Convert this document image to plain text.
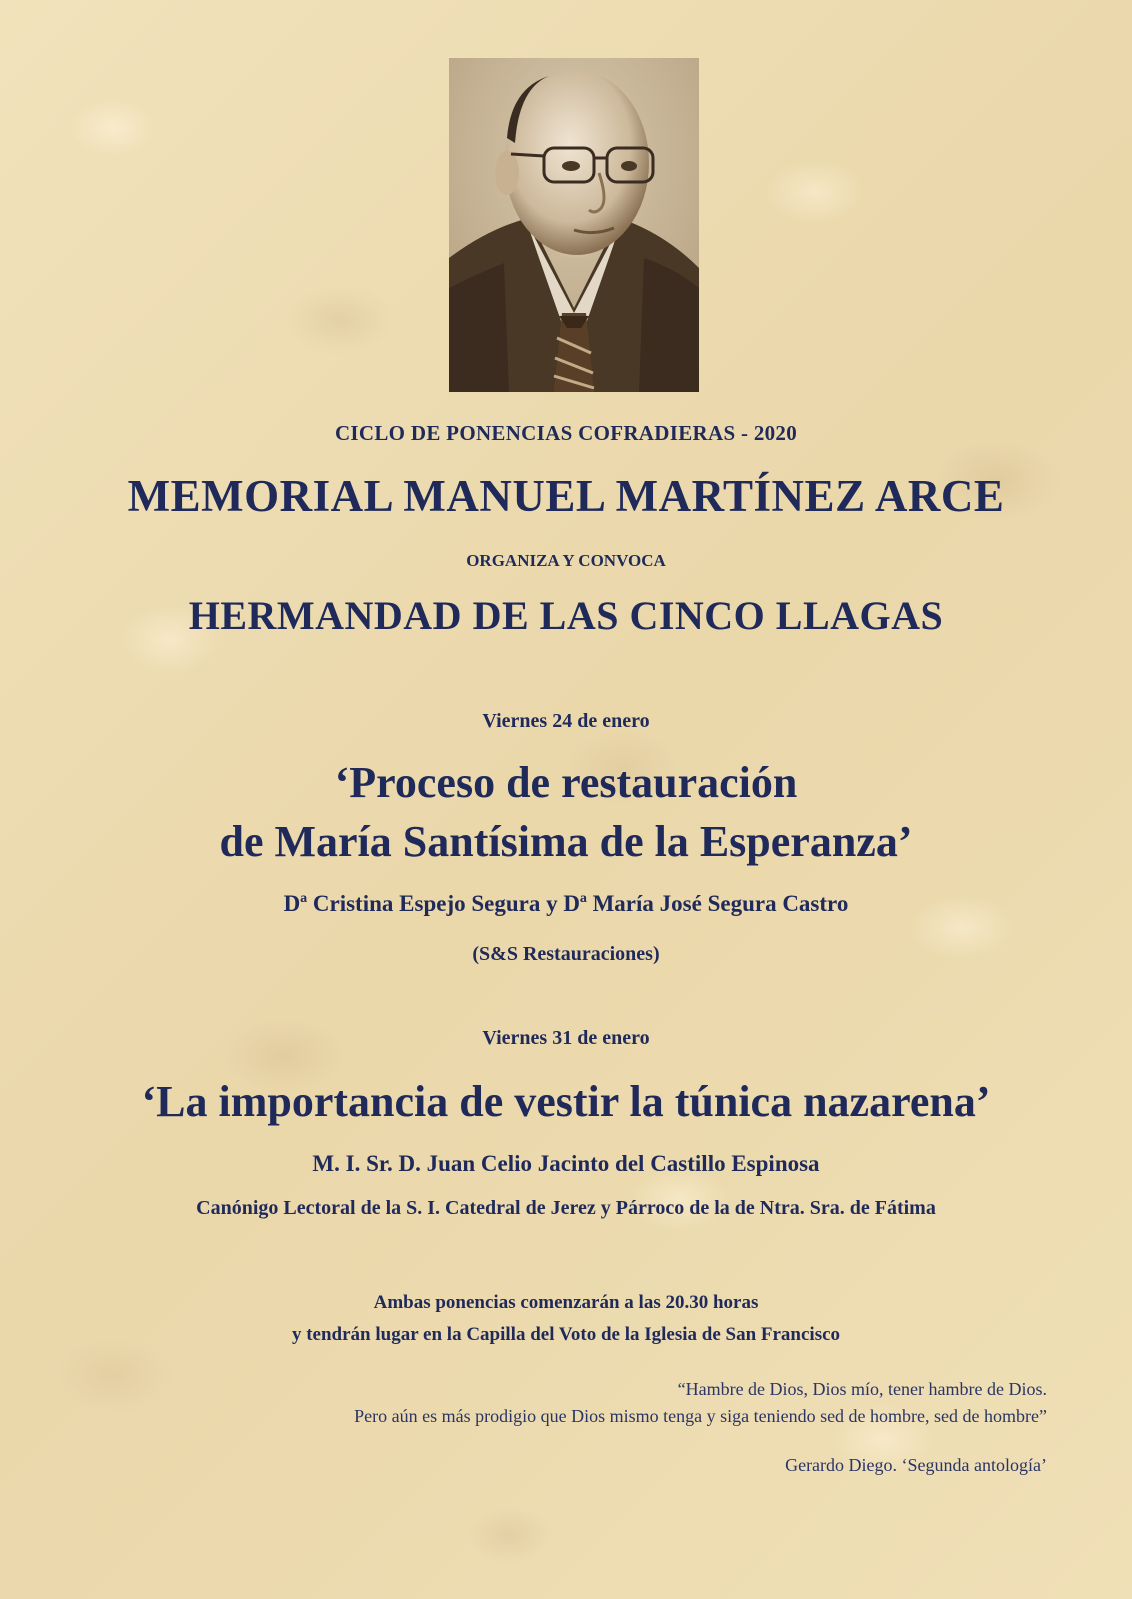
CICLO DE PONENCIAS COFRADIERAS - 2020

MEMORIAL MANUEL MARTÍNEZ ARCE

ORGANIZA Y CONVOCA

HERMANDAD DE LAS CINCO LLAGAS

Viernes 24 de enero

‘Proceso de restauración

de María Santísima de la Esperanza’

Dª Cristina Espejo Segura y Dª María José Segura Castro

(S&S Restauraciones)

Viernes 31 de enero

‘La importancia de vestir la túnica nazarena’

M. I. Sr. D. Juan Celio Jacinto del Castillo Espinosa

Canónigo Lectoral de la S. I. Catedral de Jerez y Párroco de la de Ntra. Sra. de Fátima

Ambas ponencias comenzarán a las 20.30 horas

y tendrán lugar en la Capilla del Voto de la Iglesia de San Francisco

“Hambre de Dios, Dios mío, tener hambre de Dios.

Pero aún es más prodigio que Dios mismo tenga y siga teniendo sed de hombre, sed de hombre”

Gerardo Diego. ‘Segunda antología’
